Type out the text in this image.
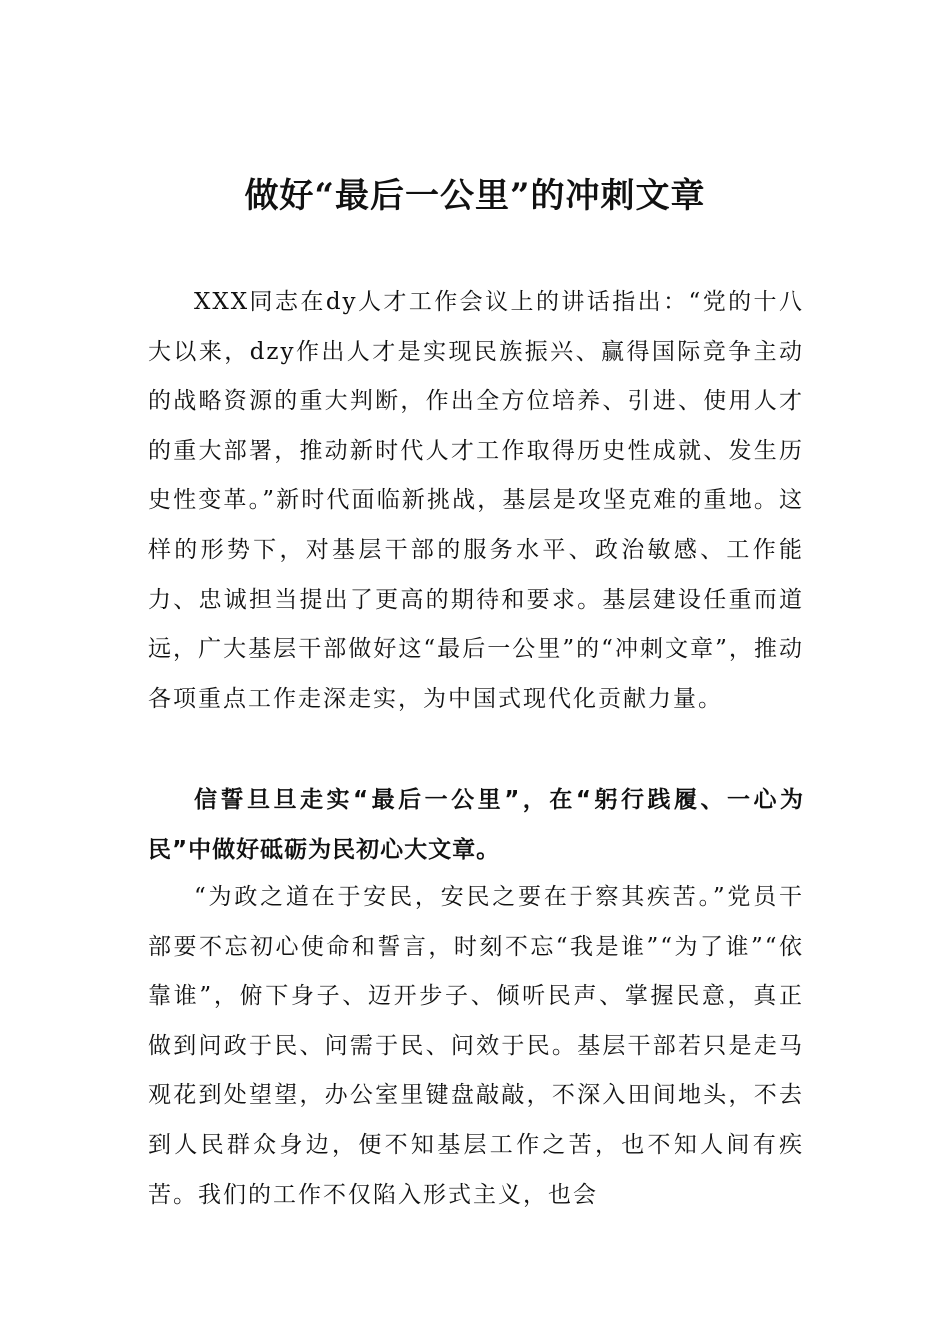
做好“最后一公里”的冲刺文章

XXX同志在dy人才工作会议上的讲话指出：“党的十八大以来，dzy作出人才是实现民族振兴、赢得国际竞争主动的战略资源的重大判断，作出全方位培养、引进、使用人才的重大部署，推动新时代人才工作取得历史性成就、发生历史性变革。”新时代面临新挑战，基层是攻坚克难的重地。这样的形势下，对基层干部的服务水平、政治敏感、工作能力、忠诚担当提出了更高的期待和要求。基层建设任重而道远，广大基层干部做好这“最后一公里”的“冲刺文章”，推动各项重点工作走深走实，为中国式现代化贡献力量。

信誓旦旦走实“最后一公里”，在“躬行践履、一心为民”中做好砥砺为民初心大文章。

“为政之道在于安民，安民之要在于察其疾苦。”党员干部要不忘初心使命和誓言，时刻不忘“我是谁”“为了谁”“依靠谁”，俯下身子、迈开步子、倾听民声、掌握民意，真正做到问政于民、问需于民、问效于民。基层干部若只是走马观花到处望望，办公室里键盘敲敲，不深入田间地头，不去到人民群众身边，便不知基层工作之苦，也不知人间有疾苦。我们的工作不仅陷入形式主义，也会
